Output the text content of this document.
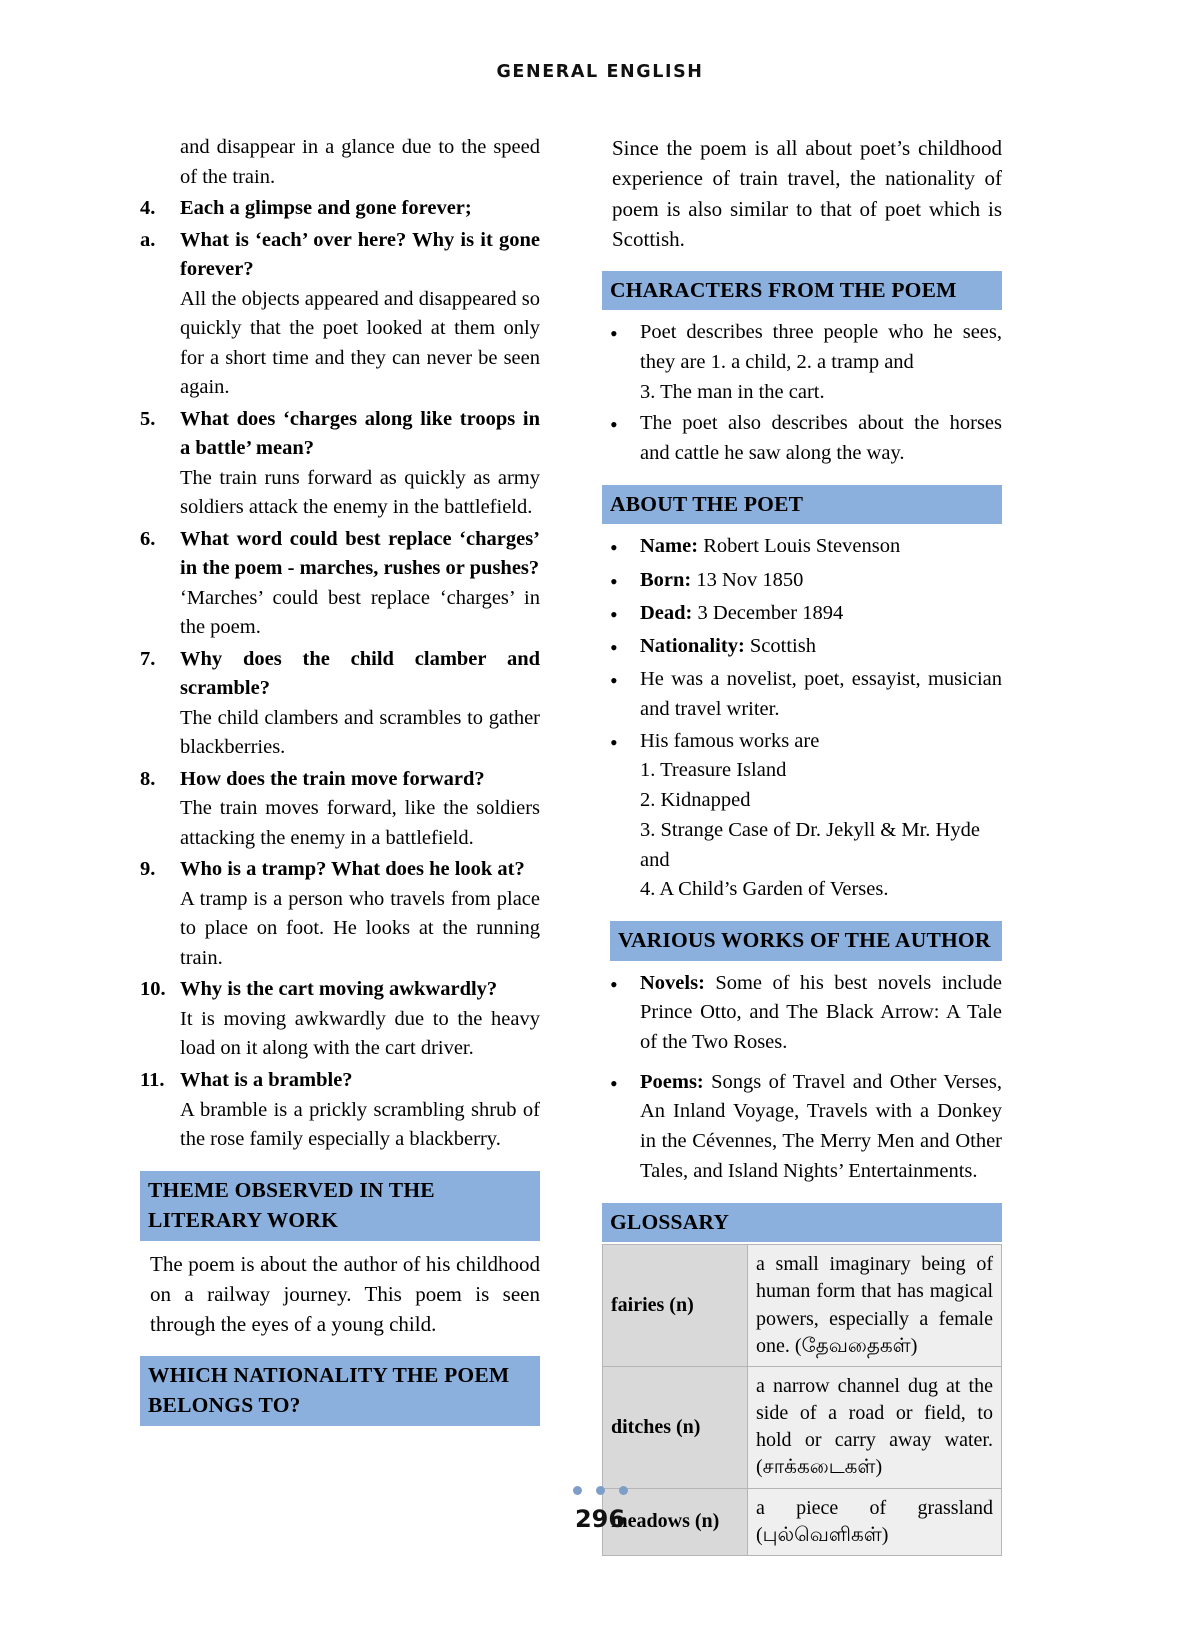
GENERAL ENGLISH
and disappear in a glance due to the speed of the train.
4.	Each a glimpse and gone forever;
a.	What is ‘each’ over here? Why is it gone forever?
All the objects appeared and disappeared so quickly that the poet looked at them only for a short time and they can never be seen again.
5.	What does ‘charges along like troops in a battle’ mean?
The train runs forward as quickly as army soldiers attack the enemy in the battlefield.
6.	What word could best replace ‘charges’ in the poem - marches, rushes or pushes?
‘Marches’ could best replace ‘charges’ in the poem.
7.	Why does the child clamber and scramble?
The child clambers and scrambles to gather blackberries.
8.	How does the train move forward?
The train moves forward, like the soldiers attacking the enemy in a battlefield.
9.	Who is a tramp? What does he look at?
A tramp is a person who travels from place to place on foot. He looks at the running train.
10. Why is the cart moving awkwardly?
It is moving awkwardly due to the heavy load on it along with the cart driver.
11. What is a bramble?
A bramble is a prickly scrambling shrub of the rose family especially a blackberry.
THEME OBSERVED IN THE LITERARY WORK
The poem is about the author of his childhood on a railway journey. This poem is seen through the eyes of a young child.
WHICH NATIONALITY THE POEM BELONGS TO?
Since the poem is all about poet’s childhood experience of train travel, the nationality of poem is also similar to that of poet which is Scottish.
CHARACTERS FROM THE POEM
•	Poet describes three people who he sees, they are 1. a child, 2. a tramp and
3. The man in the cart.
•	The poet also describes about the horses and cattle he saw along the way.
ABOUT THE POET
•	Name: Robert Louis Stevenson
•	Born: 13 Nov 1850
•	Dead: 3 December 1894
•	Nationality: Scottish
•	He was a novelist, poet, essayist, musician and travel writer.
•	His famous works are
1. Treasure Island
2. Kidnapped
3. Strange Case of Dr. Jekyll & Mr. Hyde and
4. A Child’s Garden of Verses.
VARIOUS WORKS OF THE AUTHOR
•	Novels: Some of his best novels include Prince Otto, and The Black Arrow: A Tale of the Two Roses.
•	Poems: Songs of Travel and Other Verses, An Inland Voyage, Travels with a Donkey in the Cévennes, The Merry Men and Other Tales, and Island Nights’ Entertainments.
GLOSSARY
fairies (n)	a small imaginary being of human form that has magical powers, especially a female one. (தேவதைகள்)
ditches (n)	a narrow channel dug at the side of a road or field, to hold or carry away water. (சாக்கடைகள்)
meadows (n)	a piece of grassland (புல்வெளிகள்)
296
